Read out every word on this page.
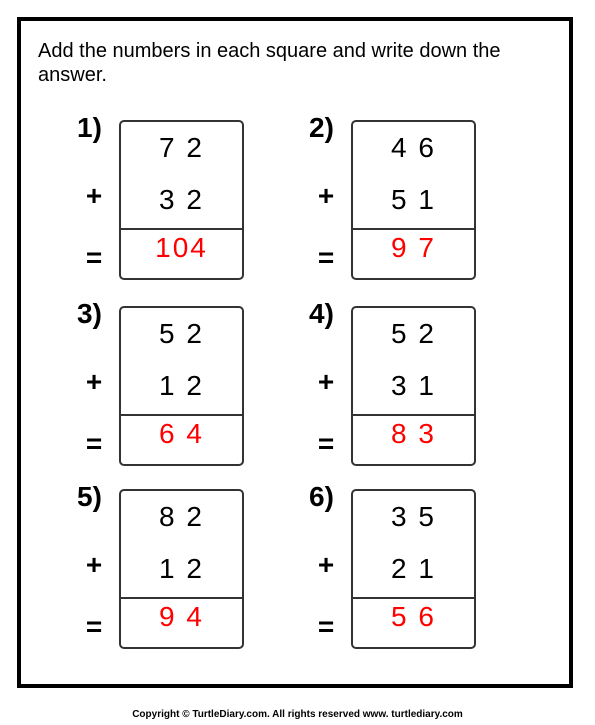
Add the numbers in each square and write down the answer.

1)
+
=
7 2
3 2
104
2)
+
=
4 6
5 1
9 7
3)
+
=
5 2
1 2
6 4
4)
+
=
5 2
3 1
8 3
5)
+
=
8 2
1 2
9 4
6)
+
=
3 5
2 1
5 6
Copyright © TurtleDiary.com. All rights reserved www. turtlediary.com
